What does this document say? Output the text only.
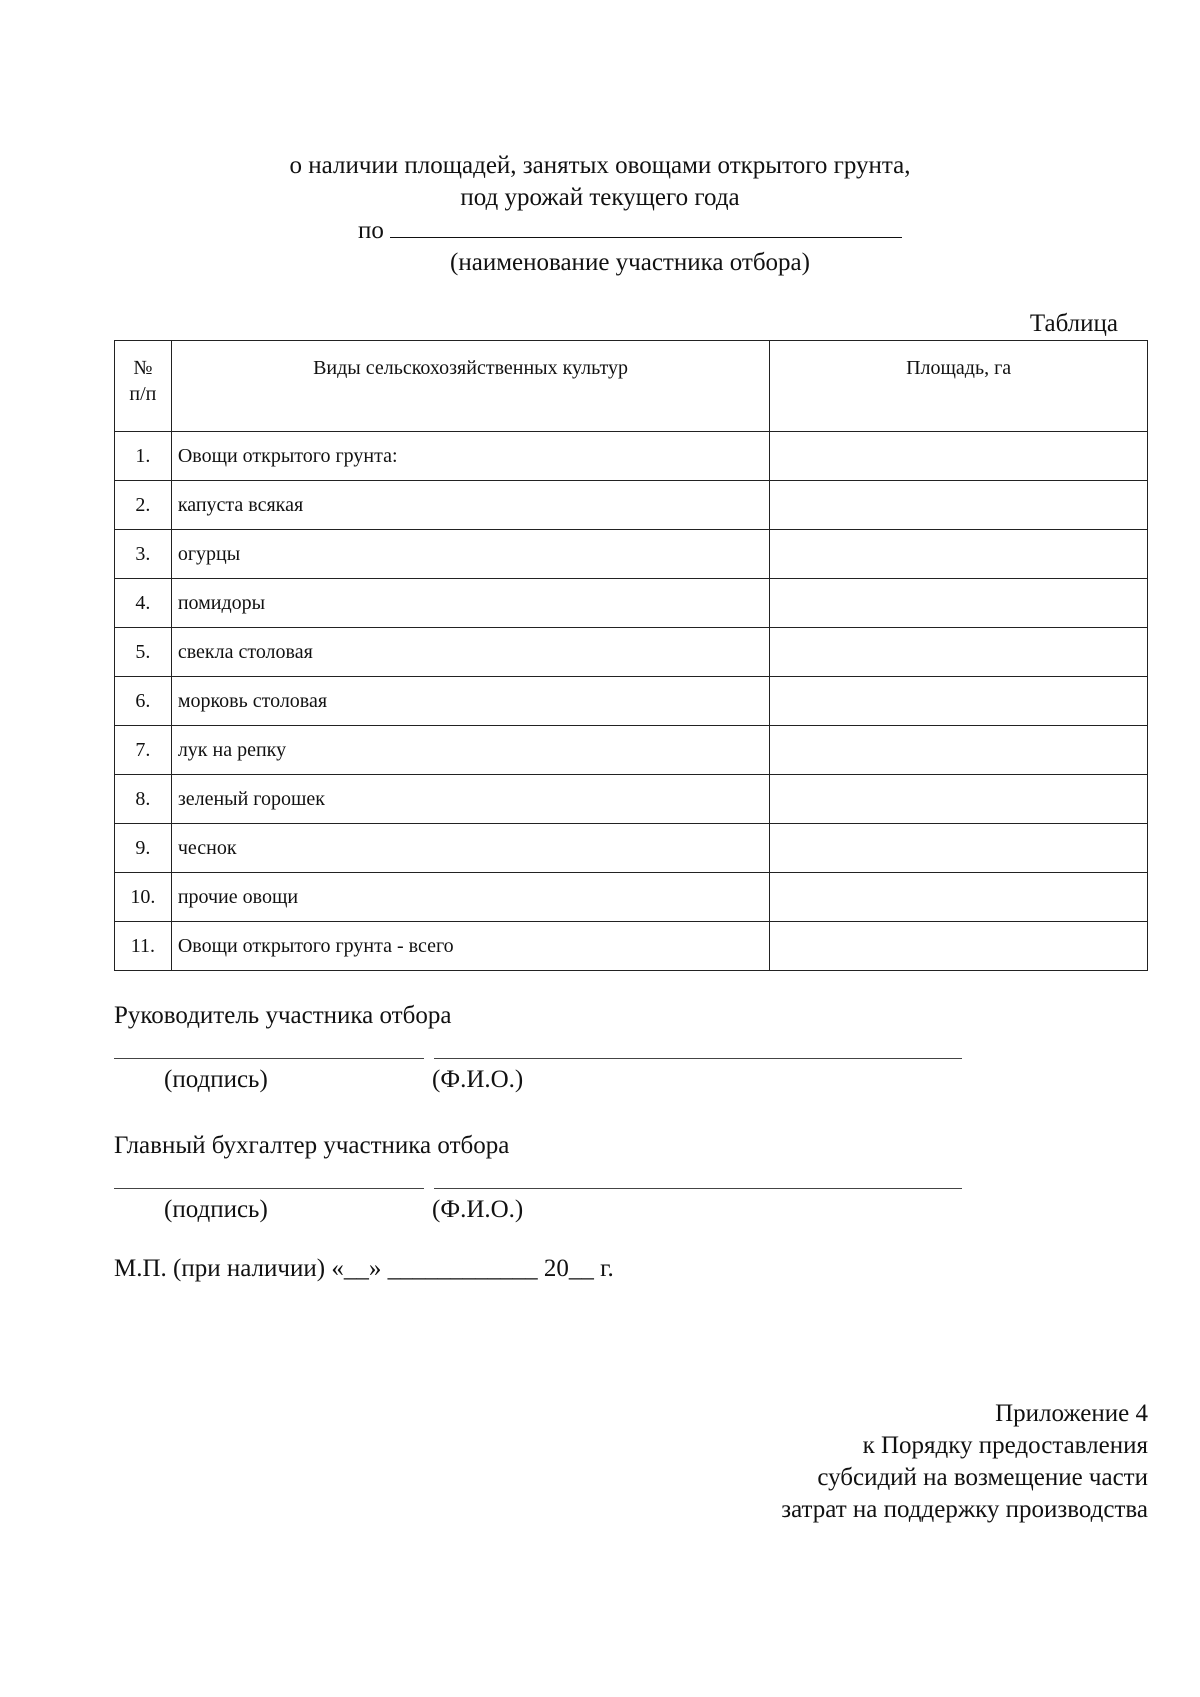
о наличии площадей, занятых овощами открытого грунта,
под урожай текущего года
по
(наименование участника отбора)
Таблица
№ п/п	Виды сельскохозяйственных культур	Площадь, га
1.	Овощи открытого грунта:	
2.	капуста всякая	
3.	огурцы	
4.	помидоры	
5.	свекла столовая	
6.	морковь столовая	
7.	лук на репку	
8.	зеленый горошек	
9.	чеснок	
10.	прочие овощи	
11.	Овощи открытого грунта - всего	
Руководитель участника отбора
(подпись)	(Ф.И.О.)
Главный бухгалтер участника отбора
(подпись)	(Ф.И.О.)
М.П. (при наличии) «__» ____________ 20__ г.
Приложение 4
к Порядку предоставления
субсидий на возмещение части
затрат на поддержку производства
